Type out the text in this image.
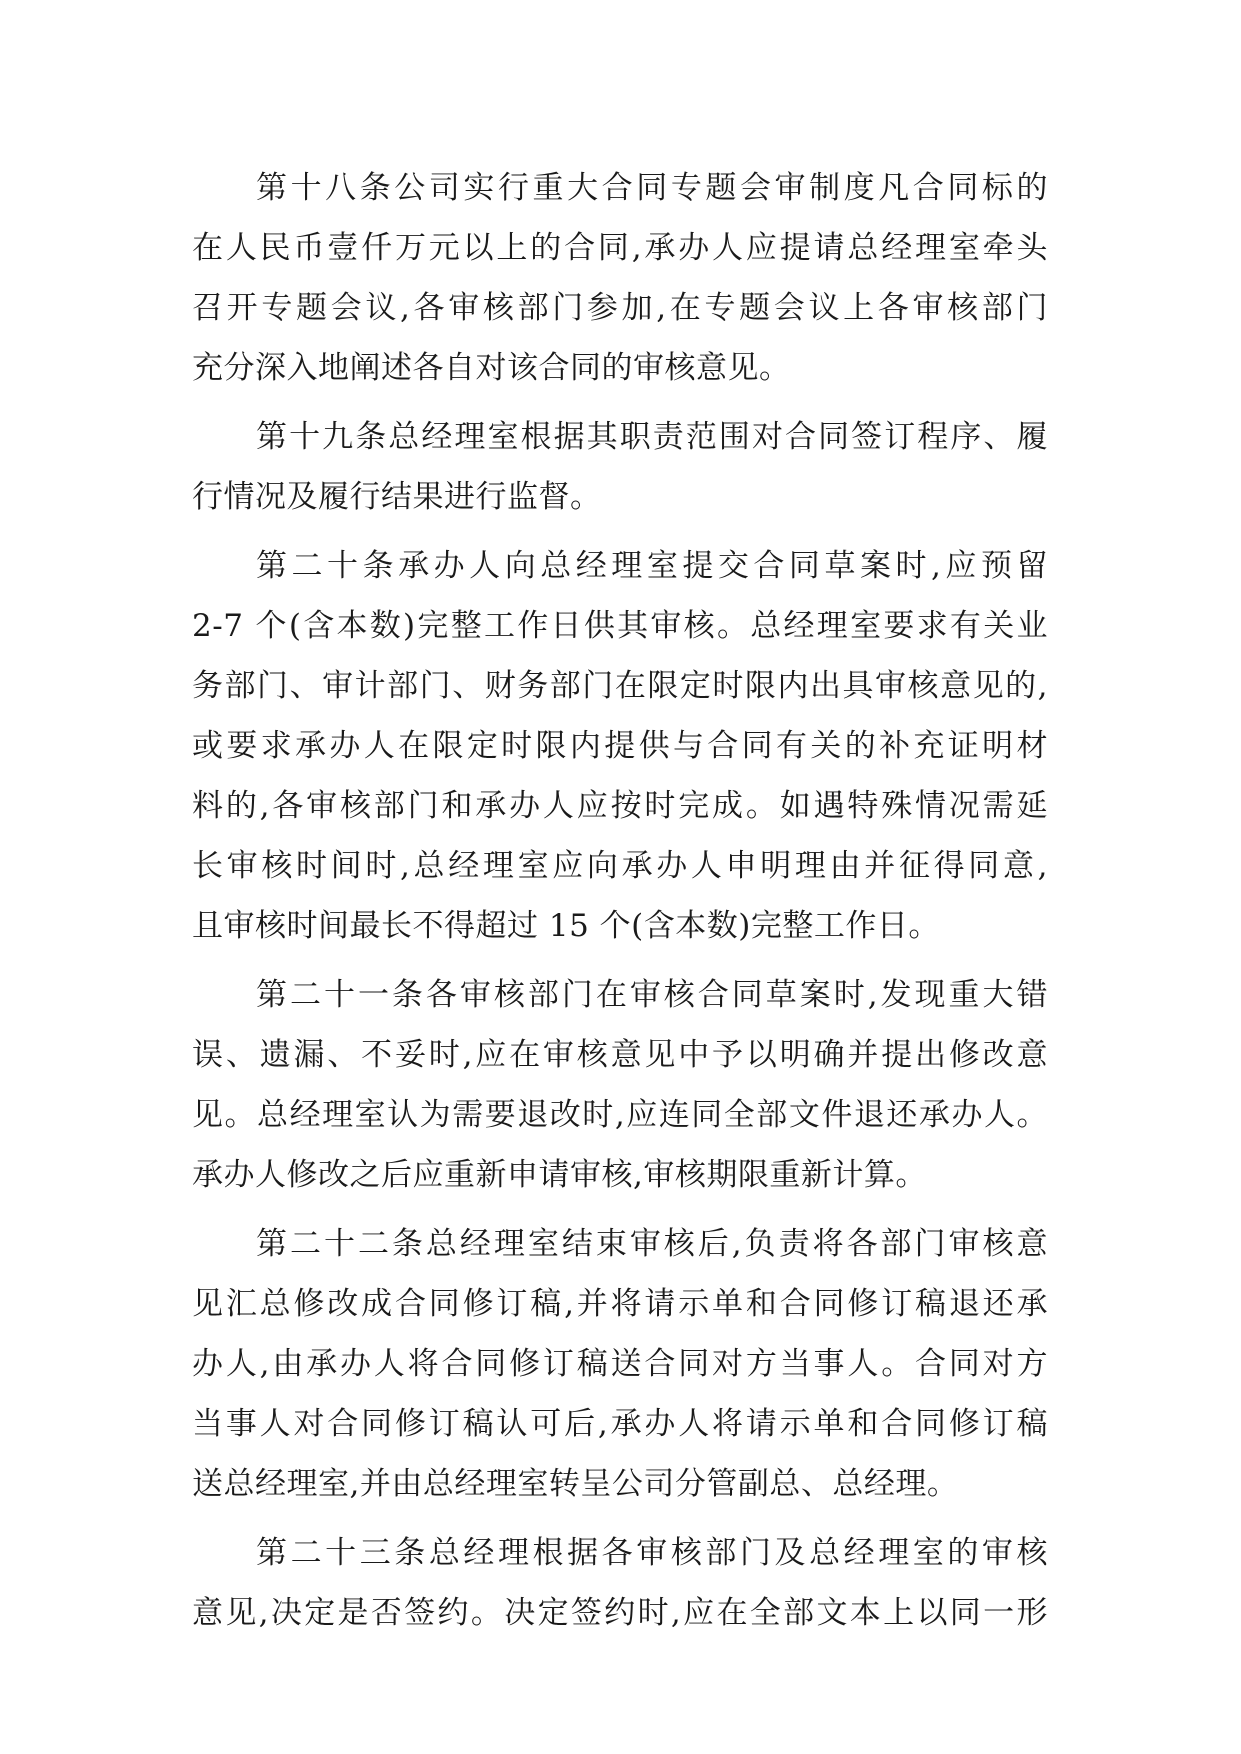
第十八条公司实行重大合同专题会审制度凡合同标的
在人民币壹仟万元以上的合同,承办人应提请总经理室牵头
召开专题会议,各审核部门参加,在专题会议上各审核部门
充分深入地阐述各自对该合同的审核意见。
第十九条总经理室根据其职责范围对合同签订程序、履
行情况及履行结果进行监督。
第二十条承办人向总经理室提交合同草案时,应预留
2-7 个(含本数)完整工作日供其审核。总经理室要求有关业
务部门、审计部门、财务部门在限定时限内出具审核意见的,
或要求承办人在限定时限内提供与合同有关的补充证明材
料的,各审核部门和承办人应按时完成。如遇特殊情况需延
长审核时间时,总经理室应向承办人申明理由并征得同意,
且审核时间最长不得超过 15 个(含本数)完整工作日。
第二十一条各审核部门在审核合同草案时,发现重大错
误、遗漏、不妥时,应在审核意见中予以明确并提出修改意
见。总经理室认为需要退改时,应连同全部文件退还承办人。
承办人修改之后应重新申请审核,审核期限重新计算。
第二十二条总经理室结束审核后,负责将各部门审核意
见汇总修改成合同修订稿,并将请示单和合同修订稿退还承
办人,由承办人将合同修订稿送合同对方当事人。合同对方
当事人对合同修订稿认可后,承办人将请示单和合同修订稿
送总经理室,并由总经理室转呈公司分管副总、总经理。
第二十三条总经理根据各审核部门及总经理室的审核
意见,决定是否签约。决定签约时,应在全部文本上以同一形
